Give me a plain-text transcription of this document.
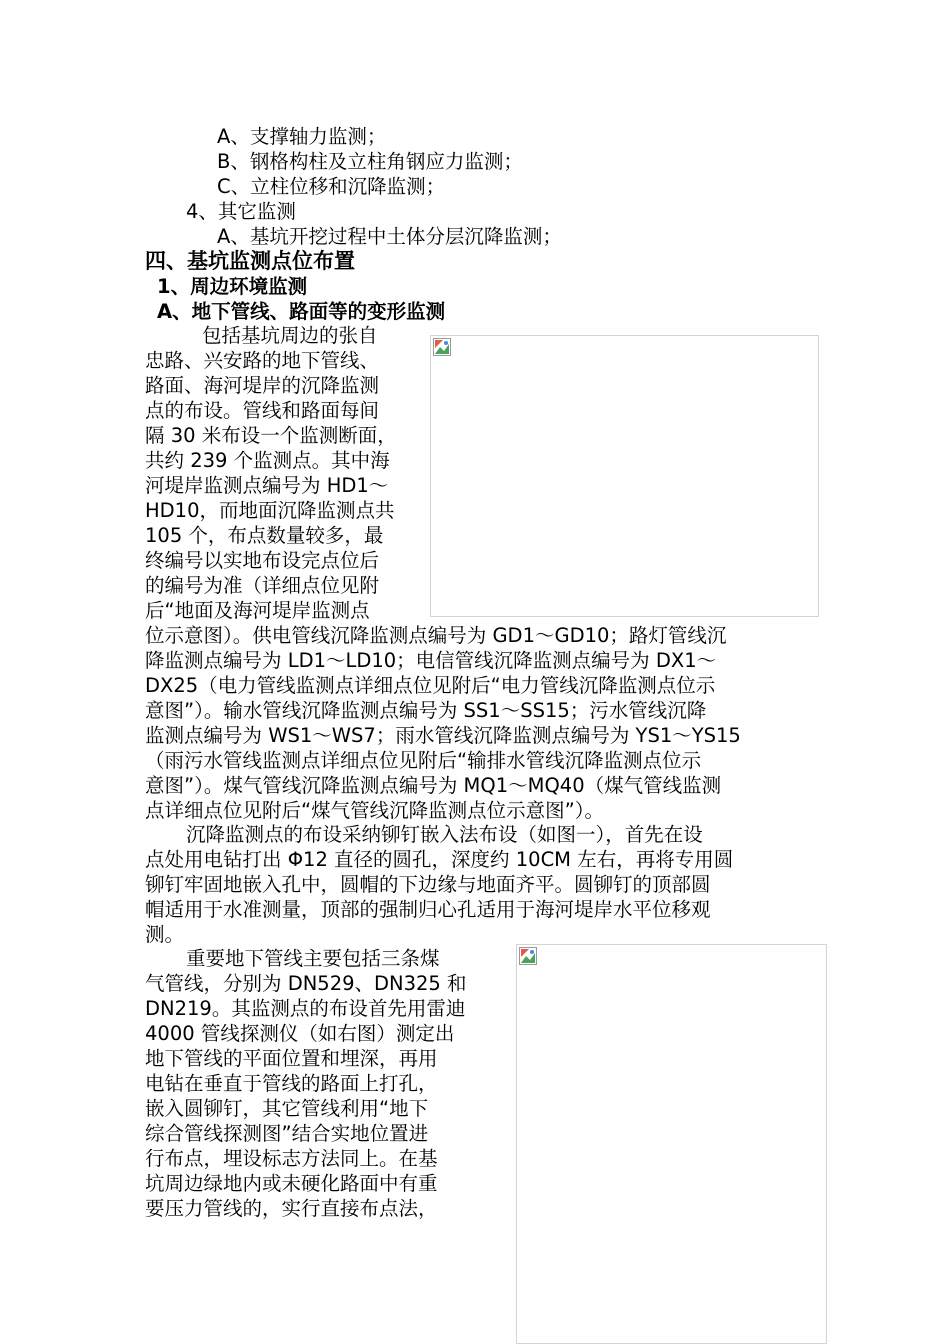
A、支撑轴力监测；
B、钢格构柱及立柱角钢应力监测；
C、立柱位移和沉降监测；
4、其它监测
A、基坑开挖过程中土体分层沉降监测；
四、基坑监测点位布置
1、周边环境监测
A、地下管线、路面等的变形监测
包括基坑周边的张自
忠路、兴安路的地下管线、
路面、海河堤岸的沉降监测
点的布设。管线和路面每间
隔 30 米布设一个监测断面，
共约 239 个监测点。其中海
河堤岸监测点编号为 HD1～
HD10，而地面沉降监测点共
105 个，布点数量较多，最
终编号以实地布设完点位后
的编号为准（详细点位见附
后“地面及海河堤岸监测点
位示意图）。供电管线沉降监测点编号为 GD1～GD10；路灯管线沉
降监测点编号为 LD1～LD10；电信管线沉降监测点编号为 DX1～
DX25（电力管线监测点详细点位见附后“电力管线沉降监测点位示
意图”）。输水管线沉降监测点编号为 SS1～SS15；污水管线沉降
监测点编号为 WS1～WS7；雨水管线沉降监测点编号为 YS1～YS15
（雨污水管线监测点详细点位见附后“输排水管线沉降监测点位示
意图”）。煤气管线沉降监测点编号为 MQ1～MQ40（煤气管线监测
点详细点位见附后“煤气管线沉降监测点位示意图”）。
沉降监测点的布设采纳铆钉嵌入法布设（如图一），首先在设
点处用电钻打出 Φ12 直径的圆孔，深度约 10CM 左右，再将专用圆
铆钉牢固地嵌入孔中，圆帽的下边缘与地面齐平。圆铆钉的顶部圆
帽适用于水准测量，顶部的强制归心孔适用于海河堤岸水平位移观
测。
重要地下管线主要包括三条煤
气管线，分别为 DN529、DN325 和
DN219。其监测点的布设首先用雷迪
4000 管线探测仪（如右图）测定出
地下管线的平面位置和埋深，再用
电钻在垂直于管线的路面上打孔，
嵌入圆铆钉，其它管线利用“地下
综合管线探测图”结合实地位置进
行布点，埋设标志方法同上。在基
坑周边绿地内或未硬化路面中有重
要压力管线的，实行直接布点法，
